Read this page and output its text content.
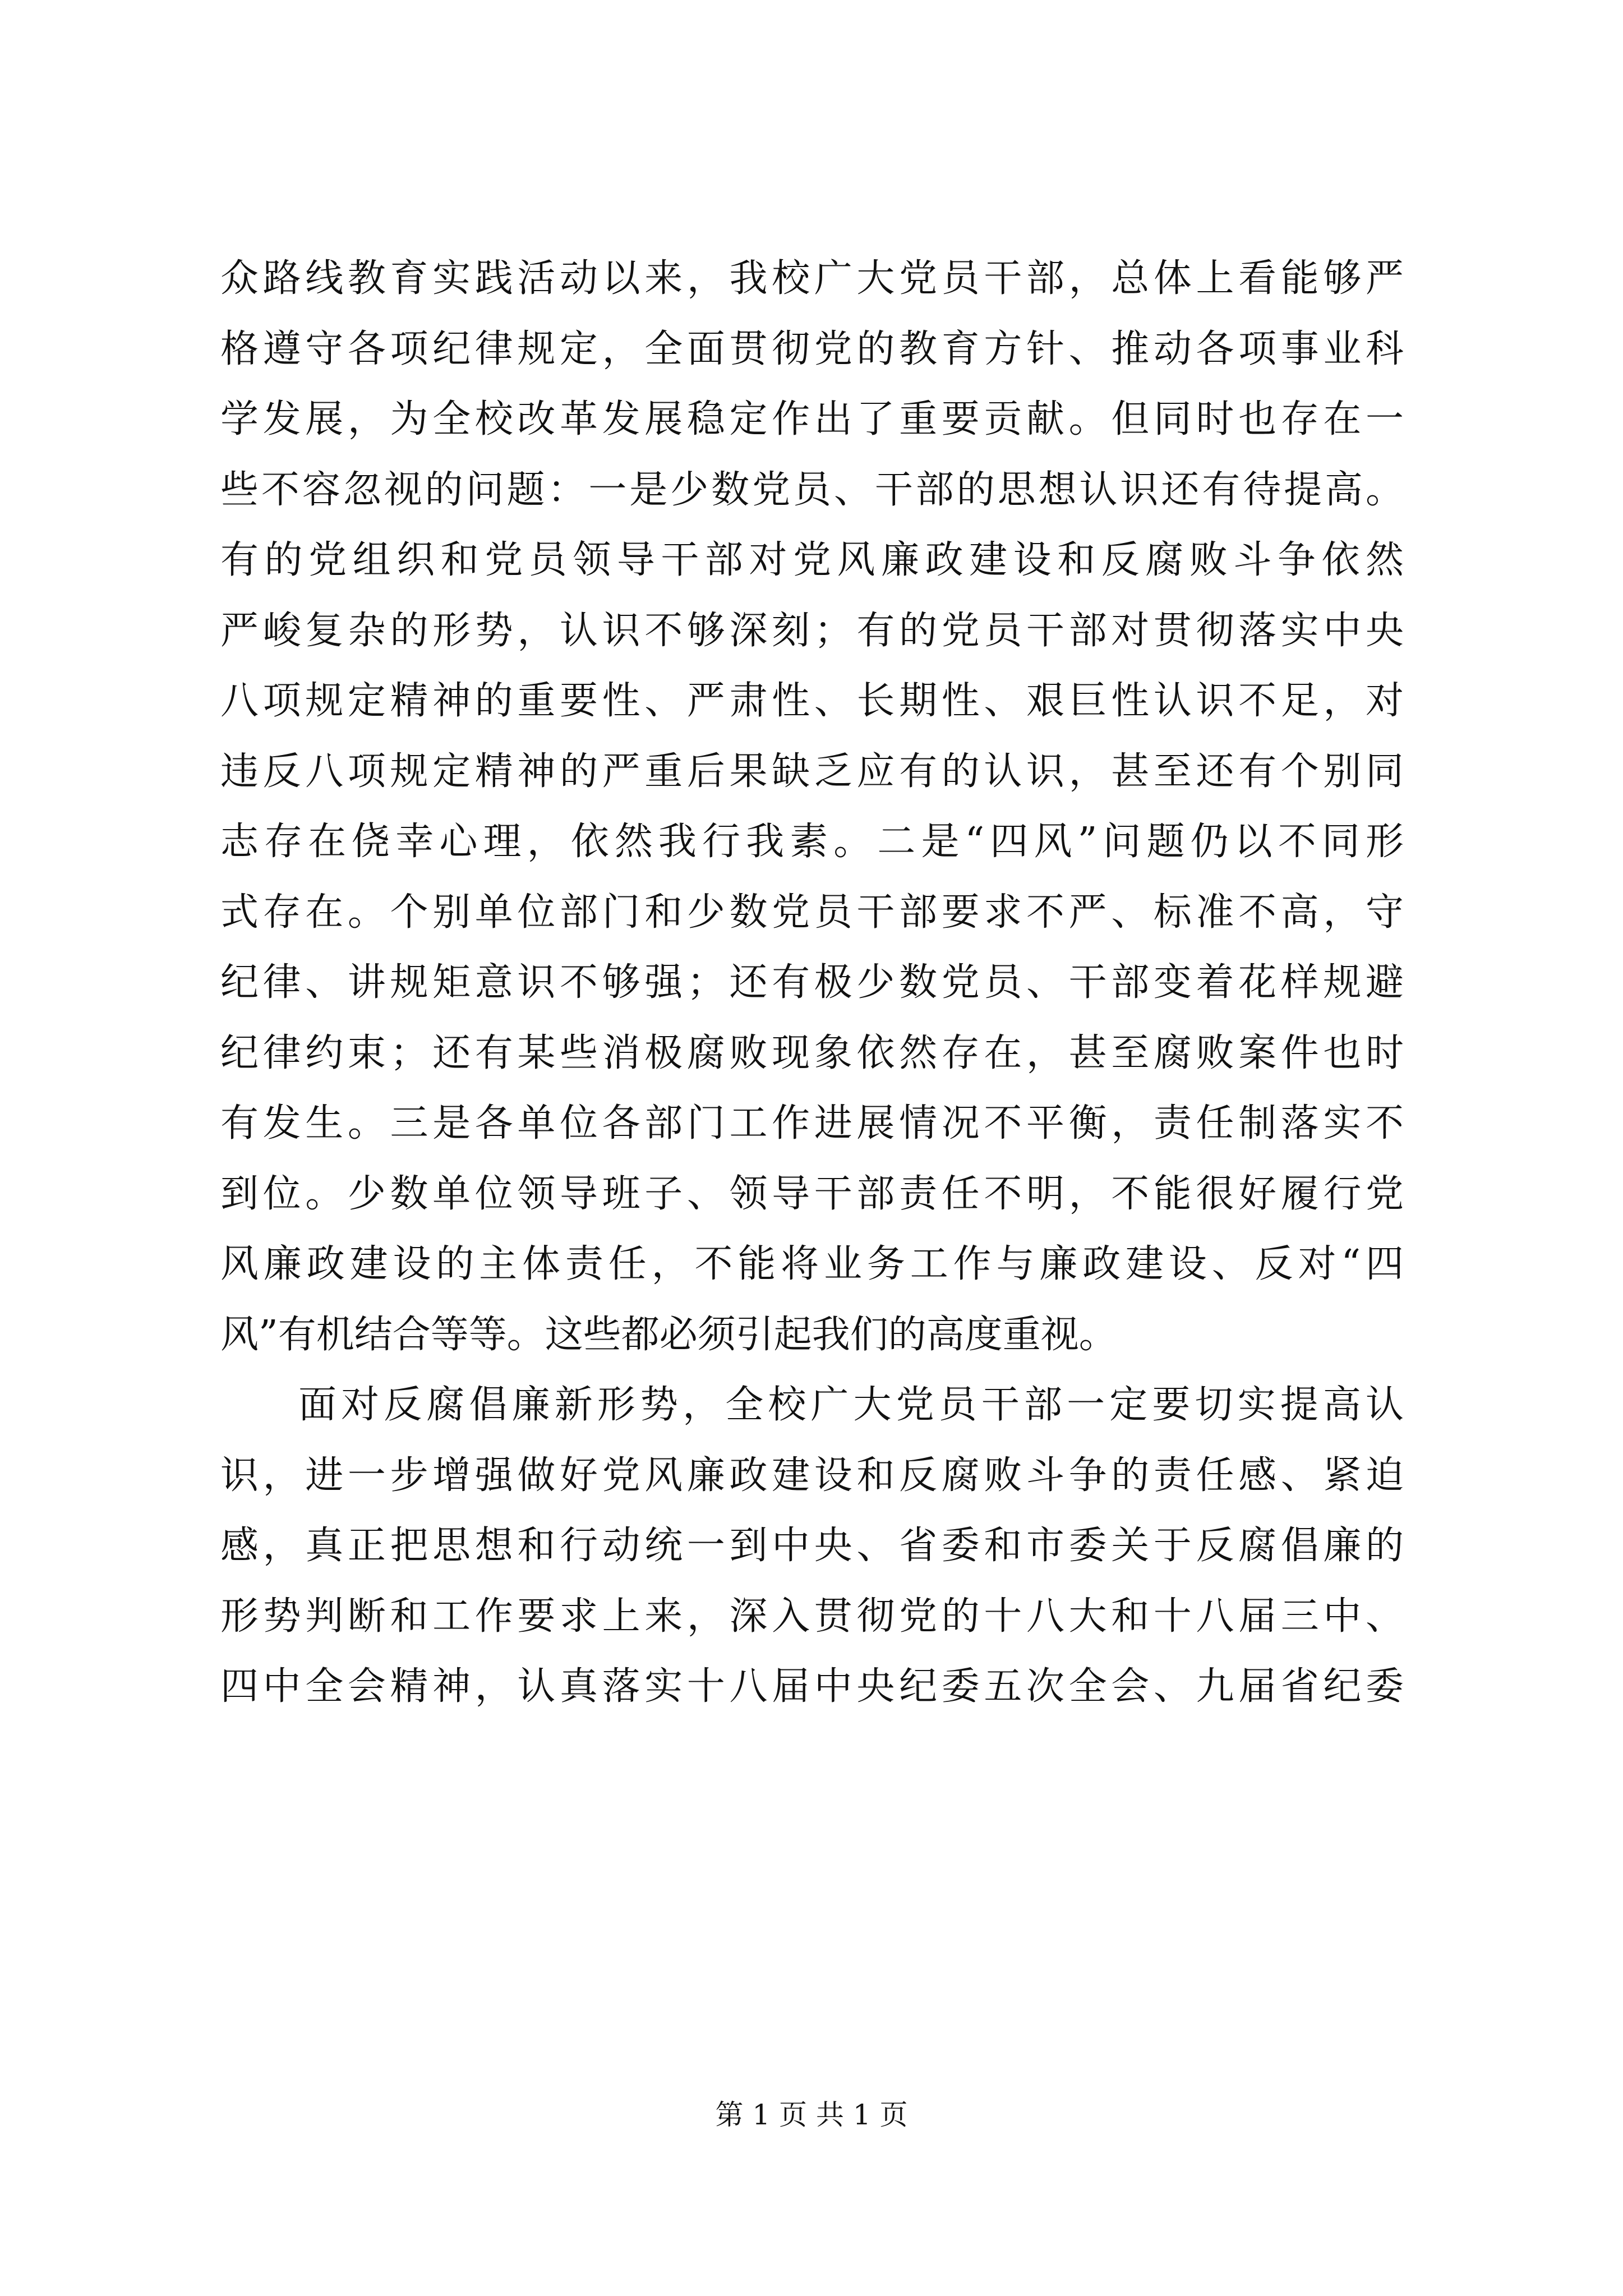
众路线教育实践活动以来，我校广大党员干部，总体上看能够严
格遵守各项纪律规定，全面贯彻党的教育方针、推动各项事业科
学发展，为全校改革发展稳定作出了重要贡献。但同时也存在一
些不容忽视的问题：一是少数党员、干部的思想认识还有待提高。
有的党组织和党员领导干部对党风廉政建设和反腐败斗争依然
严峻复杂的形势，认识不够深刻；有的党员干部对贯彻落实中央
八项规定精神的重要性、严肃性、长期性、艰巨性认识不足，对
违反八项规定精神的严重后果缺乏应有的认识，甚至还有个别同
志存在侥幸心理，依然我行我素。二是“四风”问题仍以不同形
式存在。个别单位部门和少数党员干部要求不严、标准不高，守
纪律、讲规矩意识不够强；还有极少数党员、干部变着花样规避
纪律约束；还有某些消极腐败现象依然存在，甚至腐败案件也时
有发生。三是各单位各部门工作进展情况不平衡，责任制落实不
到位。少数单位领导班子、领导干部责任不明，不能很好履行党
风廉政建设的主体责任，不能将业务工作与廉政建设、反对“四
风”有机结合等等。这些都必须引起我们的高度重视。
面对反腐倡廉新形势，全校广大党员干部一定要切实提高认
识，进一步增强做好党风廉政建设和反腐败斗争的责任感、紧迫
感，真正把思想和行动统一到中央、省委和市委关于反腐倡廉的
形势判断和工作要求上来，深入贯彻党的十八大和十八届三中、
四中全会精神，认真落实十八届中央纪委五次全会、九届省纪委
第 1 页 共 1 页
